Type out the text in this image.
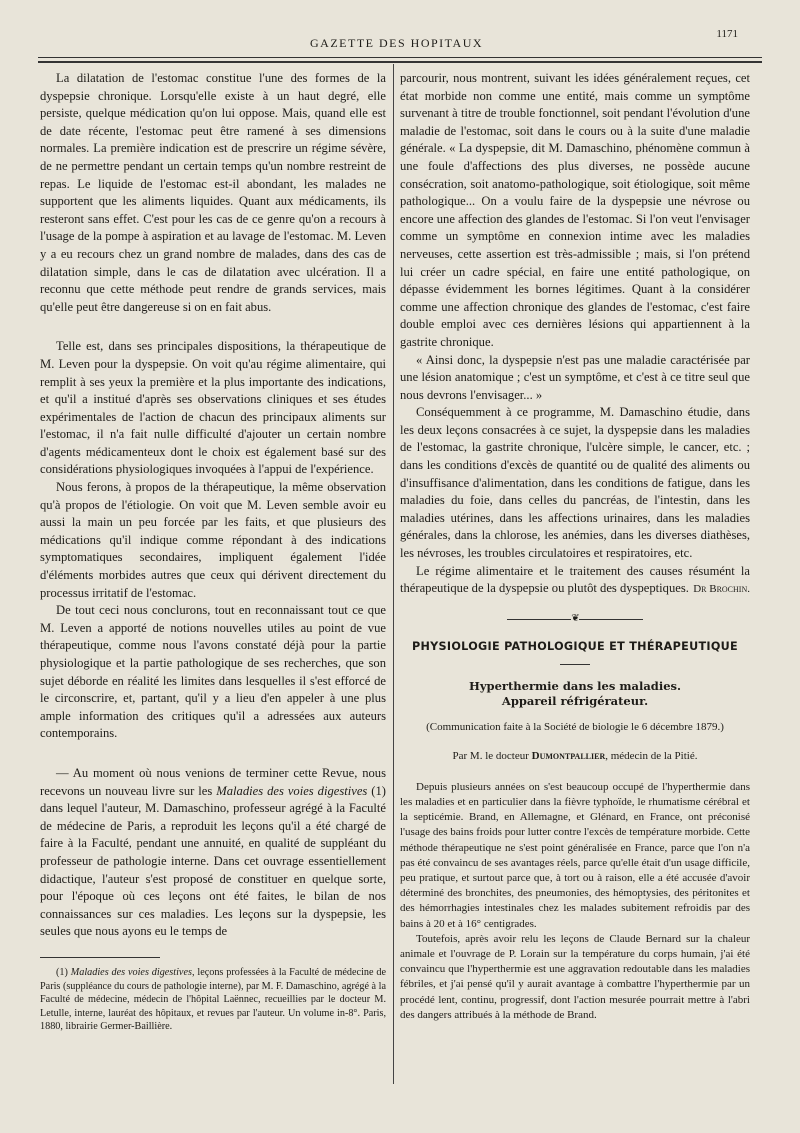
GAZETTE DES HOPITAUX
1171

La dilatation de l'estomac constitue l'une des formes de la dyspepsie chronique. Lorsqu'elle existe à un haut degré, elle persiste, quelque médication qu'on lui oppose. Mais, quand elle est de date récente, l'estomac peut être ramené à ses dimensions normales. La première indication est de prescrire un régime sévère, de ne permettre pendant un certain temps qu'un nombre restreint de repas. Le liquide de l'estomac est-il abondant, les malades ne supportent que les aliments liquides. Quant aux médicaments, ils resteront sans effet. C'est pour les cas de ce genre qu'on a recours à l'usage de la pompe à aspiration et au lavage de l'estomac. M. Leven y a eu recours chez un grand nombre de malades, dans des cas de dilatation simple, dans le cas de dilatation avec ulcération. Il a reconnu que cette méthode peut rendre de grands services, mais qu'elle peut être dangereuse si on en fait abus.

Telle est, dans ses principales dispositions, la thérapeutique de M. Leven pour la dyspepsie. On voit qu'au régime alimentaire, qui remplit à ses yeux la première et la plus importante des indications, et qu'il a institué d'après ses observations cliniques et ses études expérimentales de l'action de chacun des principaux aliments sur l'estomac, il n'a fait nulle difficulté d'ajouter un certain nombre d'agents médicamenteux dont le choix est également basé sur des considérations physiologiques invoquées à l'appui de l'expérience.

Nous ferons, à propos de la thérapeutique, la même observation qu'à propos de l'étiologie. On voit que M. Leven semble avoir eu aussi la main un peu forcée par les faits, et que plusieurs des médications qu'il indique comme répondant à des indications symptomatiques secondaires, impliquent également l'idée d'éléments morbides autres que ceux qui dérivent directement du processus irritatif de l'estomac.

De tout ceci nous conclurons, tout en reconnaissant tout ce que M. Leven a apporté de notions nouvelles utiles au point de vue thérapeutique, comme nous l'avons constaté déjà pour la partie physiologique et la partie pathologique de ses recherches, que son sujet déborde en réalité les limites dans lesquelles il s'est efforcé de le circonscrire, et, partant, qu'il y a lieu d'en appeler à une plus ample information des critiques qu'il a adressées aux auteurs contemporains.

— Au moment où nous venions de terminer cette Revue, nous recevons un nouveau livre sur les Maladies des voies digestives (1) dans lequel l'auteur, M. Damaschino, professeur agrégé à la Faculté de médecine de Paris, a reproduit les leçons qu'il a été chargé de faire à la Faculté, pendant une annuité, en qualité de suppléant du professeur de pathologie interne. Dans cet ouvrage essentiellement didactique, l'auteur s'est proposé de constituer en quelque sorte, pour l'époque où ces leçons ont été faites, le bilan de nos connaissances sur ces maladies. Les leçons sur la dyspepsie, les seules que nous ayons eu le temps de

(1) Maladies des voies digestives, leçons professées à la Faculté de médecine de Paris (suppléance du cours de pathologie interne), par M. F. Damaschino, agrégé à la Faculté de médecine, médecin de l'hôpital Laënnec, recueillies par le docteur M. Letulle, interne, lauréat des hôpitaux, et revues par l'auteur. Un volume in-8°. Paris, 1880, librairie Germer-Baillière.

parcourir, nous montrent, suivant les idées généralement reçues, cet état morbide non comme une entité, mais comme un symptôme survenant à titre de trouble fonctionnel, soit pendant l'évolution d'une maladie de l'estomac, soit dans le cours ou à la suite d'une maladie générale. « La dyspepsie, dit M. Damaschino, phénomène commun à une foule d'affections des plus diverses, ne possède aucune consécration, soit anatomo-pathologique, soit étiologique, soit même pathologique... On a voulu faire de la dyspepsie une névrose ou encore une affection des glandes de l'estomac. Si l'on veut l'envisager comme un symptôme en connexion intime avec les maladies nerveuses, cette assertion est très-admissible ; mais, si l'on prétend lui créer un cadre spécial, en faire une entité pathologique, on dépasse évidemment les bornes légitimes. Quant à la considérer comme une affection chronique des glandes de l'estomac, c'est faire double emploi avec ces dernières lésions qui appartiennent à la gastrite chronique.

« Ainsi donc, la dyspepsie n'est pas une maladie caractérisée par une lésion anatomique ; c'est un symptôme, et c'est à ce titre seul que nous devrons l'envisager... »

Conséquemment à ce programme, M. Damaschino étudie, dans les deux leçons consacrées à ce sujet, la dyspepsie dans les maladies de l'estomac, la gastrite chronique, l'ulcère simple, le cancer, etc. ; dans les conditions d'excès de quantité ou de qualité des aliments ou d'insuffisance d'alimentation, dans les conditions de fatigue, dans les maladies du foie, dans celles du pancréas, de l'intestin, dans les maladies utérines, dans les affections urinaires, dans les maladies générales, dans la chlorose, les anémies, dans les diverses diathèses, les névroses, les troubles circulatoires et respiratoires, etc.

Le régime alimentaire et le traitement des causes résumént la thérapeutique de la dyspepsie ou plutôt des dyspeptiques. Dr Brochin.
❦
PHYSIOLOGIE PATHOLOGIQUE ET THÉRAPEUTIQUE
Hyperthermie dans les maladies.
Appareil réfrigérateur.
(Communication faite à la Société de biologie le 6 décembre 1879.)
Par M. le docteur Dumontpallier, médecin de la Pitié.

Depuis plusieurs années on s'est beaucoup occupé de l'hyperthermie dans les maladies et en particulier dans la fièvre typhoïde, le rhumatisme cérébral et la septicémie. Brand, en Allemagne, et Glénard, en France, ont préconisé l'usage des bains froids pour lutter contre l'excès de température morbide. Cette méthode thérapeutique ne s'est point généralisée en France, parce que l'on n'a pas été convaincu de ses avantages réels, parce qu'elle était d'un usage difficile, peu pratique, et surtout parce que, à tort ou à raison, elle a été accusée d'avoir déterminé des bronchites, des pneumonies, des hémoptysies, des péritonites et des hémorrhagies intestinales chez les malades subitement refroidis par des bains à 20 et à 16° centigrades.

Toutefois, après avoir relu les leçons de Claude Bernard sur la chaleur animale et l'ouvrage de P. Lorain sur la température du corps humain, j'ai été convaincu que l'hyperthermie est une aggravation redoutable dans les maladies fébriles, et j'ai pensé qu'il y aurait avantage à combattre l'hyperthermie par un procédé lent, continu, progressif, dont l'action mesurée pourrait mettre à l'abri des dangers attribués à la méthode de Brand.
